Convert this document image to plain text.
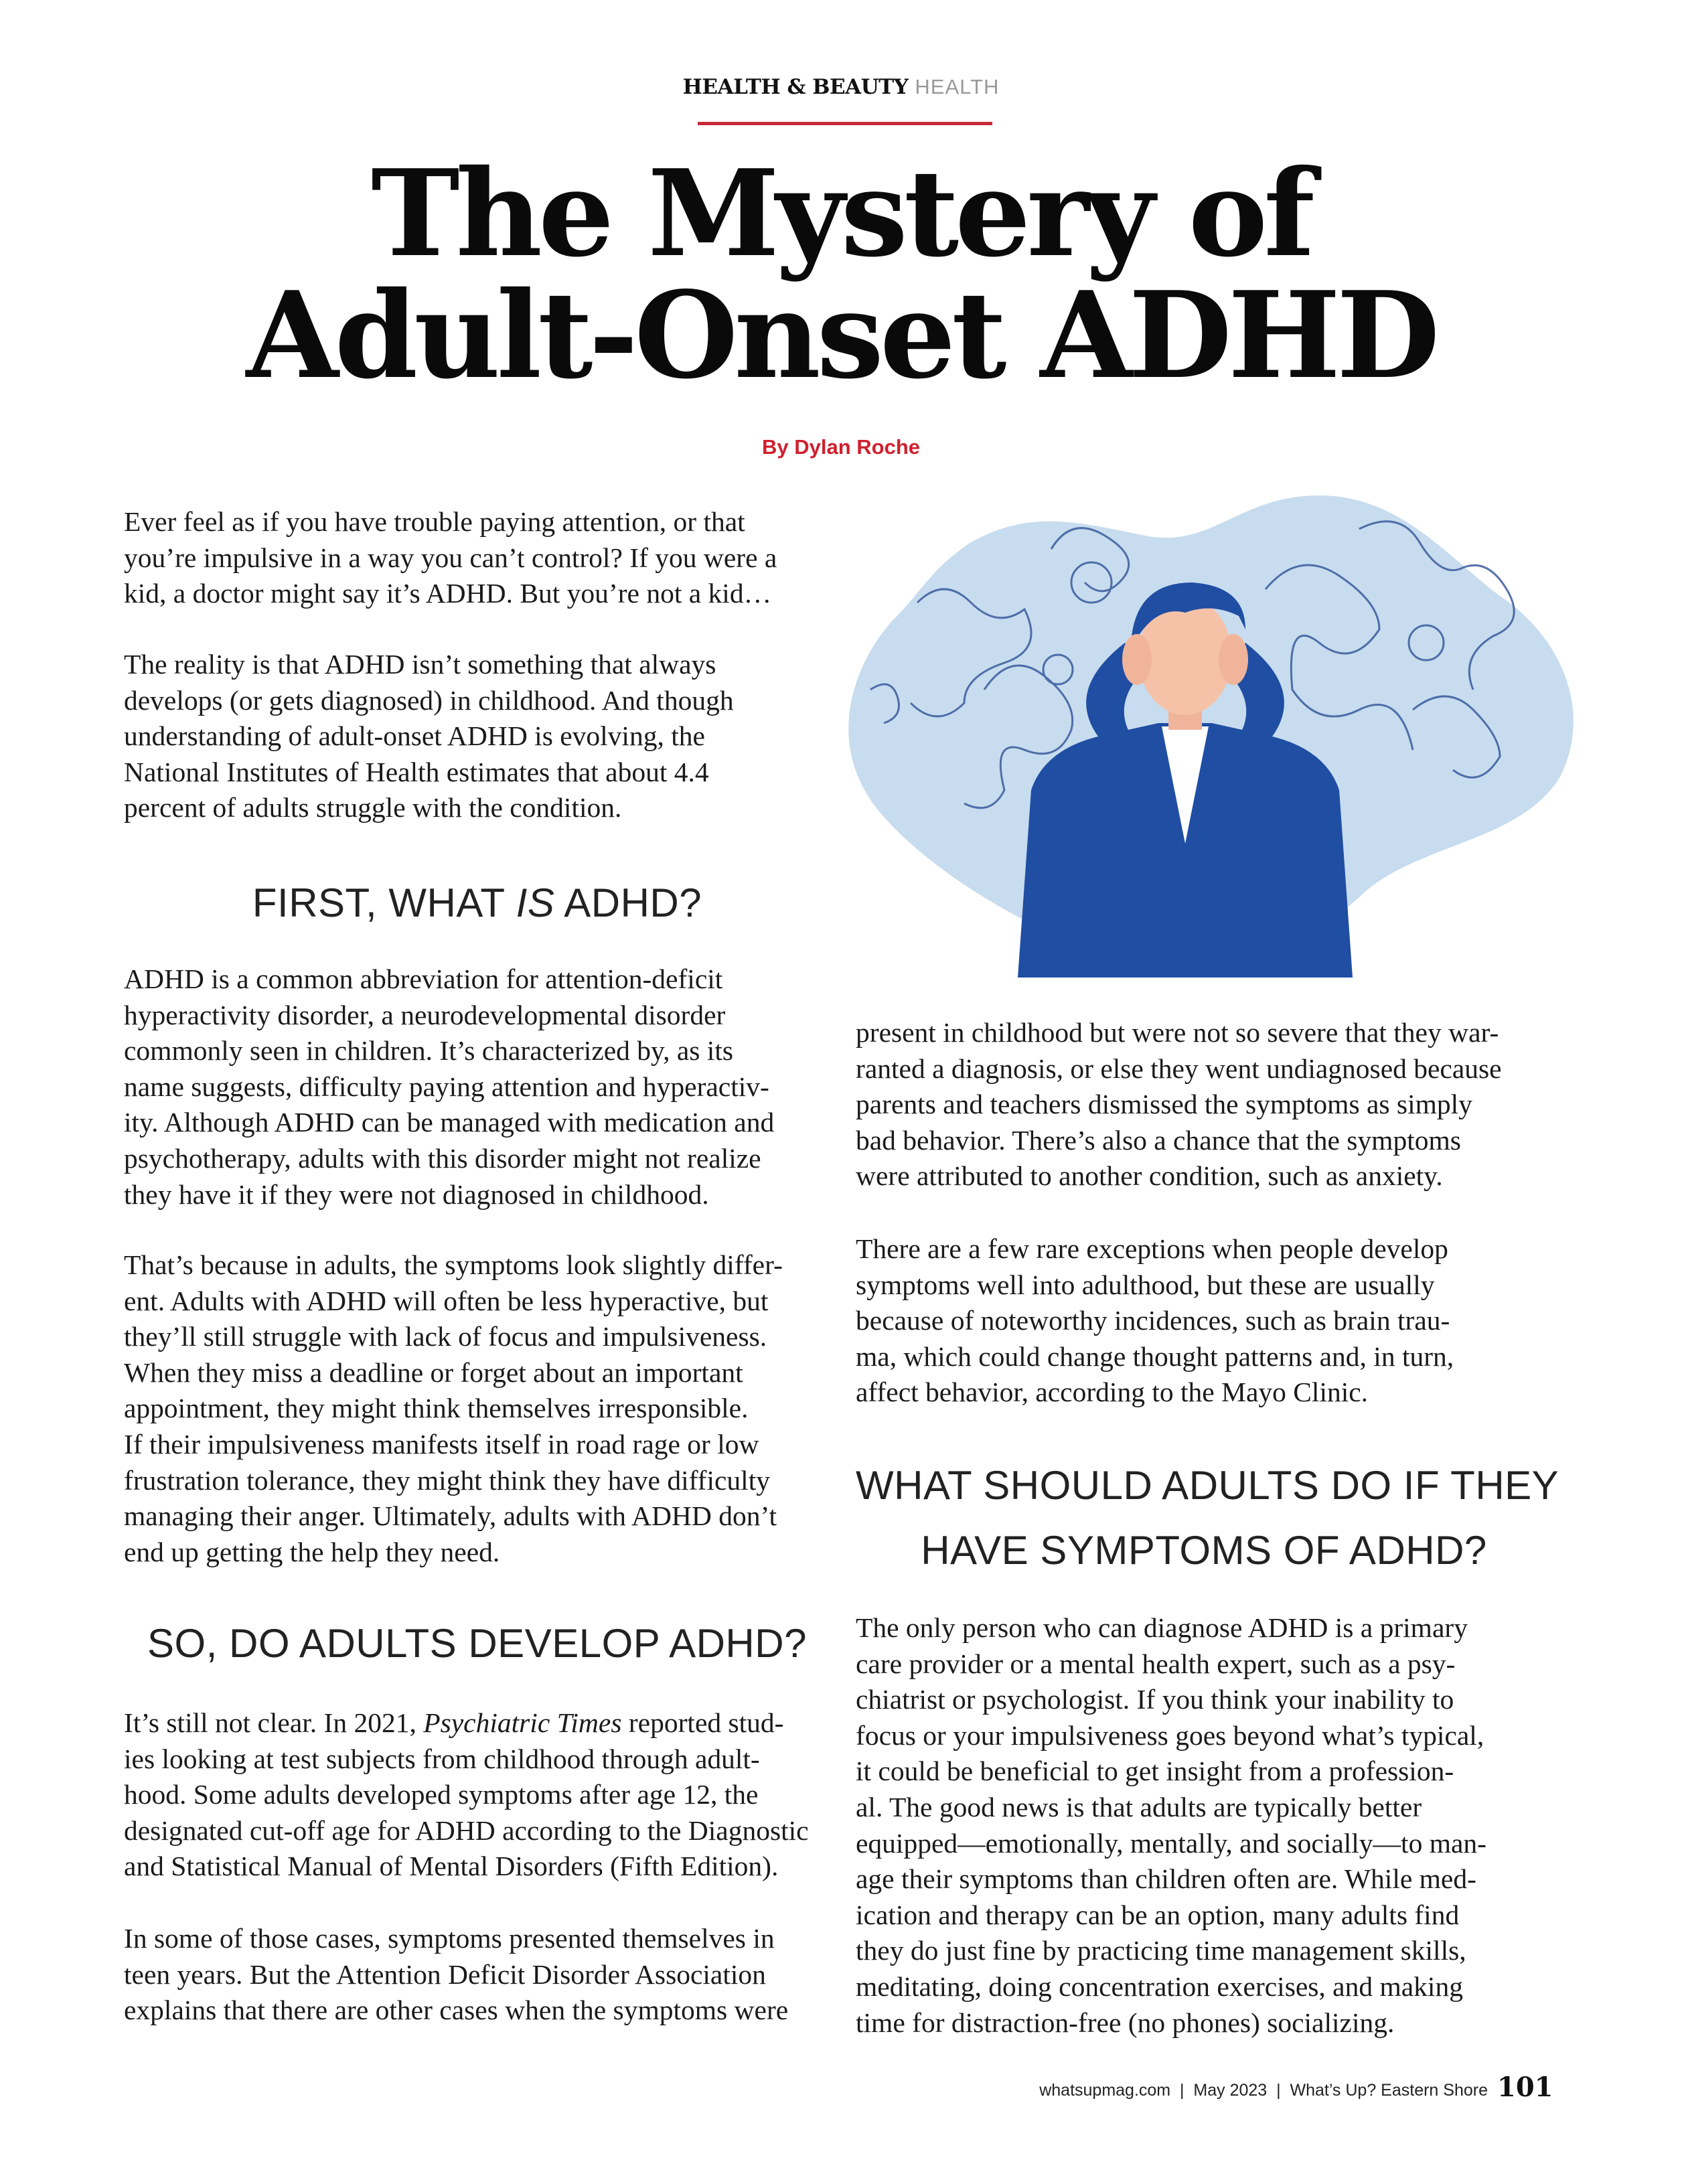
HEALTH & BEAUTY HEALTH
The Mystery of
Adult-Onset ADHD
By Dylan Roche
Ever feel as if you have trouble paying attention, or that
you’re impulsive in a way you can’t control? If you were a
kid, a doctor might say it’s ADHD. But you’re not a kid…
The reality is that ADHD isn’t something that always
develops (or gets diagnosed) in childhood. And though
understanding of adult-onset ADHD is evolving, the
National Institutes of Health estimates that about 4.4
percent of adults struggle with the condition.
FIRST, WHAT IS ADHD?
ADHD is a common abbreviation for attention-deficit
hyperactivity disorder, a neurodevelopmental disorder
commonly seen in children. It’s characterized by, as its
name suggests, difficulty paying attention and hyperactiv-
ity. Although ADHD can be managed with medication and
psychotherapy, adults with this disorder might not realize
they have it if they were not diagnosed in childhood.
That’s because in adults, the symptoms look slightly differ-
ent. Adults with ADHD will often be less hyperactive, but
they’ll still struggle with lack of focus and impulsiveness.
When they miss a deadline or forget about an important
appointment, they might think themselves irresponsible.
If their impulsiveness manifests itself in road rage or low
frustration tolerance, they might think they have difficulty
managing their anger. Ultimately, adults with ADHD don’t
end up getting the help they need.
SO, DO ADULTS DEVELOP ADHD?
It’s still not clear. In 2021, Psychiatric Times reported stud-
ies looking at test subjects from childhood through adult-
hood. Some adults developed symptoms after age 12, the
designated cut-off age for ADHD according to the Diagnostic
and Statistical Manual of Mental Disorders (Fifth Edition).
In some of those cases, symptoms presented themselves in
teen years. But the Attention Deficit Disorder Association
explains that there are other cases when the symptoms were
present in childhood but were not so severe that they war-
ranted a diagnosis, or else they went undiagnosed because
parents and teachers dismissed the symptoms as simply
bad behavior. There’s also a chance that the symptoms
were attributed to another condition, such as anxiety.
There are a few rare exceptions when people develop
symptoms well into adulthood, but these are usually
because of noteworthy incidences, such as brain trau-
ma, which could change thought patterns and, in turn,
affect behavior, according to the Mayo Clinic.
WHAT SHOULD ADULTS DO IF THEY
HAVE SYMPTOMS OF ADHD?
The only person who can diagnose ADHD is a primary
care provider or a mental health expert, such as a psy-
chiatrist or psychologist. If you think your inability to
focus or your impulsiveness goes beyond what’s typical,
it could be beneficial to get insight from a profession-
al. The good news is that adults are typically better
equipped—emotionally, mentally, and socially—to man-
age their symptoms than children often are. While med-
ication and therapy can be an option, many adults find
they do just fine by practicing time management skills,
meditating, doing concentration exercises, and making
time for distraction-free (no phones) socializing.
whatsupmag.com  |  May 2023  |  What’s Up? Eastern Shore 101
